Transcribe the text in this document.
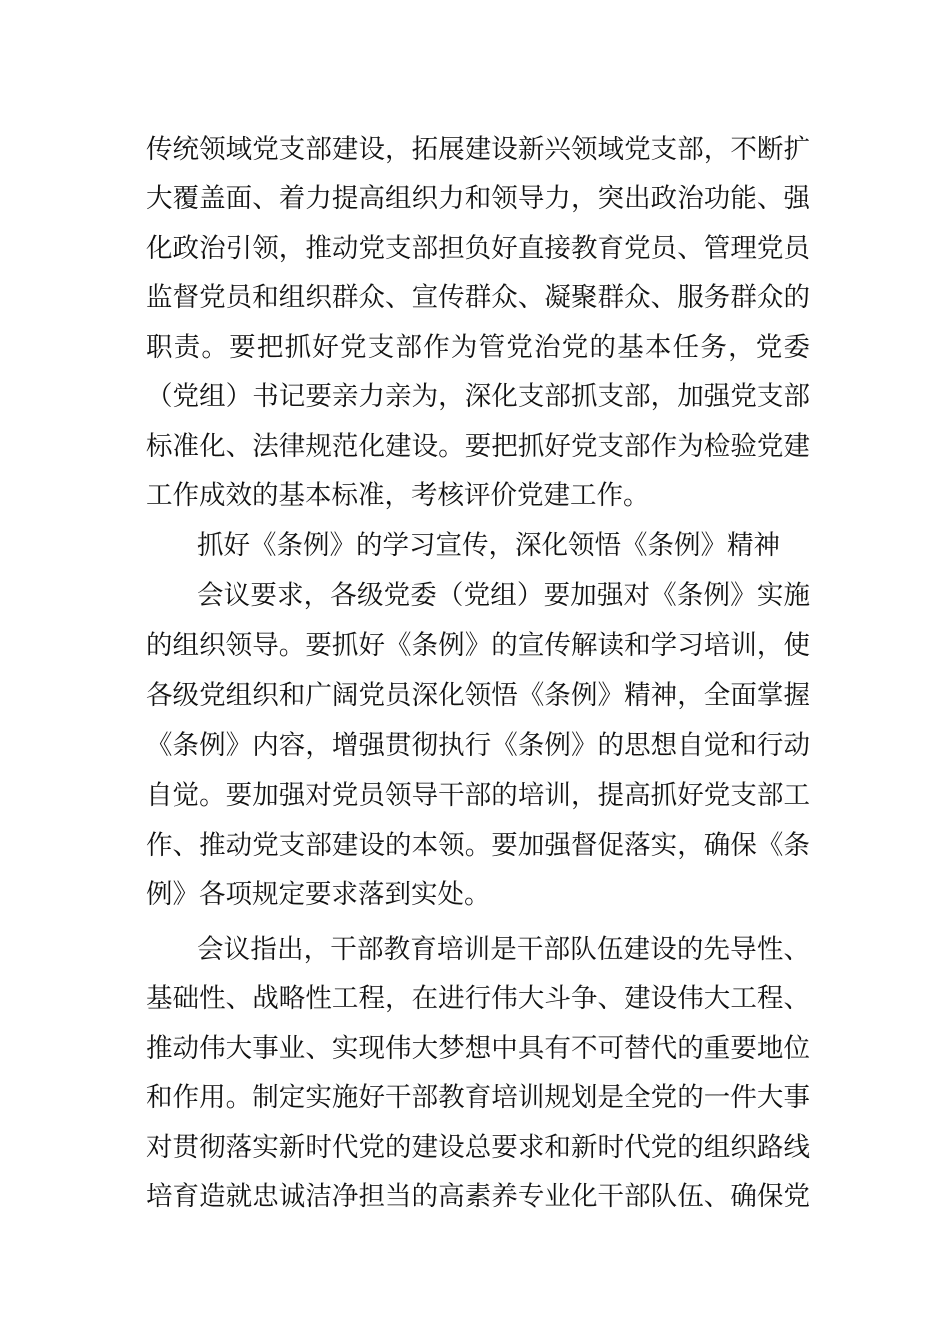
传统领域党支部建设，拓展建设新兴领域党支部，不断扩
大覆盖面、着力提高组织力和领导力，突出政治功能、强
化政治引领，推动党支部担负好直接教育党员、管理党员
监督党员和组织群众、宣传群众、凝聚群众、服务群众的
职责。要把抓好党支部作为管党治党的基本任务，党委
（党组）书记要亲力亲为，深化支部抓支部，加强党支部
标准化、法律规范化建设。要把抓好党支部作为检验党建
工作成效的基本标准，考核评价党建工作。
抓好《条例》的学习宣传，深化领悟《条例》精神
会议要求，各级党委（党组）要加强对《条例》实施
的组织领导。要抓好《条例》的宣传解读和学习培训，使
各级党组织和广阔党员深化领悟《条例》精神，全面掌握
《条例》内容，增强贯彻执行《条例》的思想自觉和行动
自觉。要加强对党员领导干部的培训，提高抓好党支部工
作、推动党支部建设的本领。要加强督促落实，确保《条
例》各项规定要求落到实处。
会议指出，干部教育培训是干部队伍建设的先导性、
基础性、战略性工程，在进行伟大斗争、建设伟大工程、
推动伟大事业、实现伟大梦想中具有不可替代的重要地位
和作用。制定实施好干部教育培训规划是全党的一件大事
对贯彻落实新时代党的建设总要求和新时代党的组织路线
培育造就忠诚洁净担当的高素养专业化干部队伍、确保党
